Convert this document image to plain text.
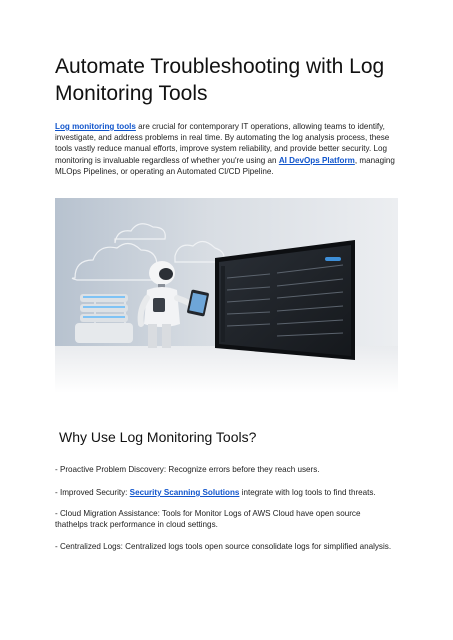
Automate Troubleshooting with Log Monitoring Tools

Log monitoring tools are crucial for contemporary IT operations, allowing teams to identify, investigate, and address problems in real time. By automating the log analysis process, these tools vastly reduce manual efforts, improve system reliability, and provide better security. Log monitoring is invaluable regardless of whether you're using an AI DevOps Platform, managing MLOps Pipelines, or operating an Automated CI/CD Pipeline.

Why Use Log Monitoring Tools?

- Proactive Problem Discovery: Recognize errors before they reach users.

- Improved Security: Security Scanning Solutions integrate with log tools to find threats.

- Cloud Migration Assistance: Tools for Monitor Logs of AWS Cloud have open source thathelps track performance in cloud settings.

- Centralized Logs: Centralized logs tools open source consolidate logs for simplified analysis.
